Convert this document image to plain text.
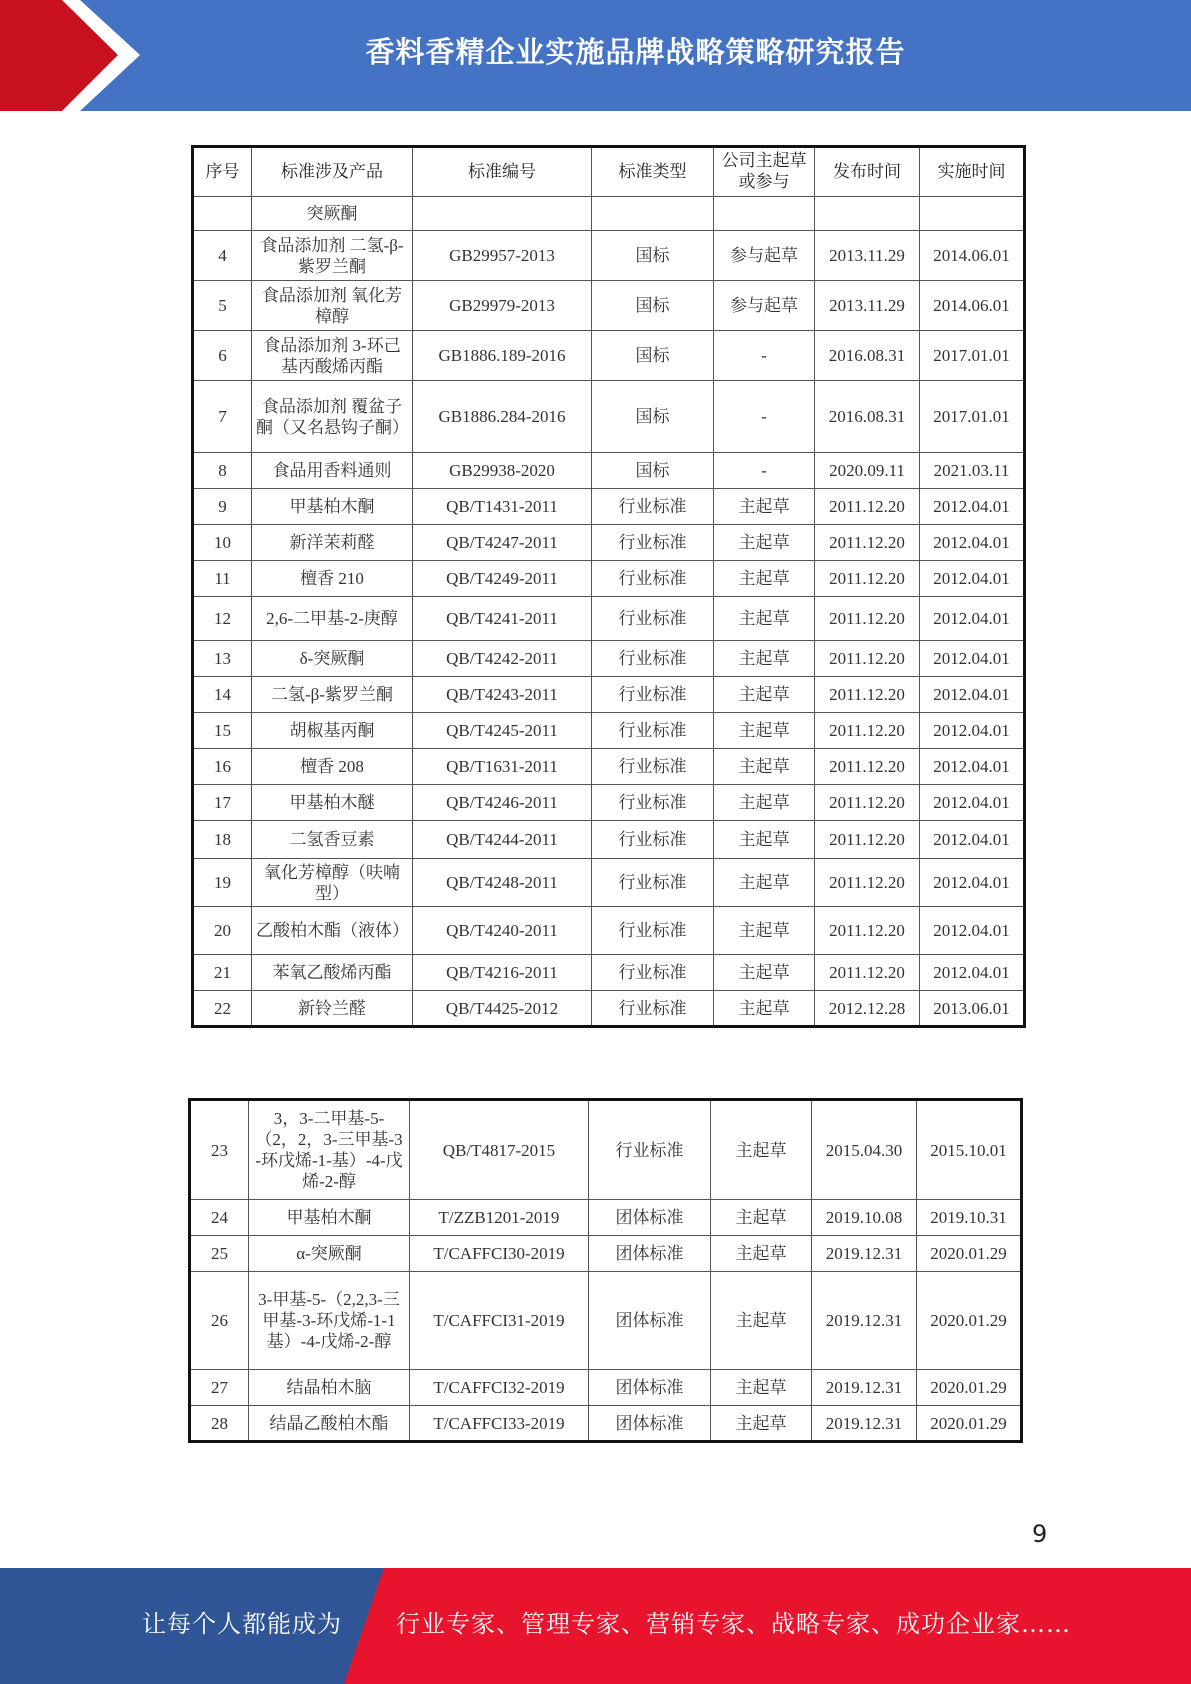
香料香精企业实施品牌战略策略研究报告
序号	标准涉及产品	标准编号	标准类型	公司主起草或参与	发布时间	实施时间
	突厥酮					
4	食品添加剂 二氢-β-紫罗兰酮	GB29957-2013	国标	参与起草	2013.11.29	2014.06.01
5	食品添加剂 氧化芳樟醇	GB29979-2013	国标	参与起草	2013.11.29	2014.06.01
6	食品添加剂 3-环己基丙酸烯丙酯	GB1886.189-2016	国标	-	2016.08.31	2017.01.01
7	食品添加剂 覆盆子酮（又名悬钩子酮）	GB1886.284-2016	国标	-	2016.08.31	2017.01.01
8	食品用香料通则	GB29938-2020	国标	-	2020.09.11	2021.03.11
9	甲基柏木酮	QB/T1431-2011	行业标准	主起草	2011.12.20	2012.04.01
10	新洋茉莉醛	QB/T4247-2011	行业标准	主起草	2011.12.20	2012.04.01
11	檀香 210	QB/T4249-2011	行业标准	主起草	2011.12.20	2012.04.01
12	2,6-二甲基-2-庚醇	QB/T4241-2011	行业标准	主起草	2011.12.20	2012.04.01
13	δ-突厥酮	QB/T4242-2011	行业标准	主起草	2011.12.20	2012.04.01
14	二氢-β-紫罗兰酮	QB/T4243-2011	行业标准	主起草	2011.12.20	2012.04.01
15	胡椒基丙酮	QB/T4245-2011	行业标准	主起草	2011.12.20	2012.04.01
16	檀香 208	QB/T1631-2011	行业标准	主起草	2011.12.20	2012.04.01
17	甲基柏木醚	QB/T4246-2011	行业标准	主起草	2011.12.20	2012.04.01
18	二氢香豆素	QB/T4244-2011	行业标准	主起草	2011.12.20	2012.04.01
19	氧化芳樟醇（呋喃型）	QB/T4248-2011	行业标准	主起草	2011.12.20	2012.04.01
20	乙酸柏木酯（液体）	QB/T4240-2011	行业标准	主起草	2011.12.20	2012.04.01
21	苯氧乙酸烯丙酯	QB/T4216-2011	行业标准	主起草	2011.12.20	2012.04.01
22	新铃兰醛	QB/T4425-2012	行业标准	主起草	2012.12.28	2013.06.01
23	3，3-二甲基-5-（2，2，3-三甲基-3-环戊烯-1-基）-4-戊烯-2-醇	QB/T4817-2015	行业标准	主起草	2015.04.30	2015.10.01
24	甲基柏木酮	T/ZZB1201-2019	团体标准	主起草	2019.10.08	2019.10.31
25	α-突厥酮	T/CAFFCI30-2019	团体标准	主起草	2019.12.31	2020.01.29
26	3-甲基-5-（2,2,3-三甲基-3-环戊烯-1-1 基）-4-戊烯-2-醇	T/CAFFCI31-2019	团体标准	主起草	2019.12.31	2020.01.29
27	结晶柏木脑	T/CAFFCI32-2019	团体标准	主起草	2019.12.31	2020.01.29
28	结晶乙酸柏木酯	T/CAFFCI33-2019	团体标准	主起草	2019.12.31	2020.01.29
9
让每个人都能成为 行业专家、管理专家、营销专家、战略专家、成功企业家……
